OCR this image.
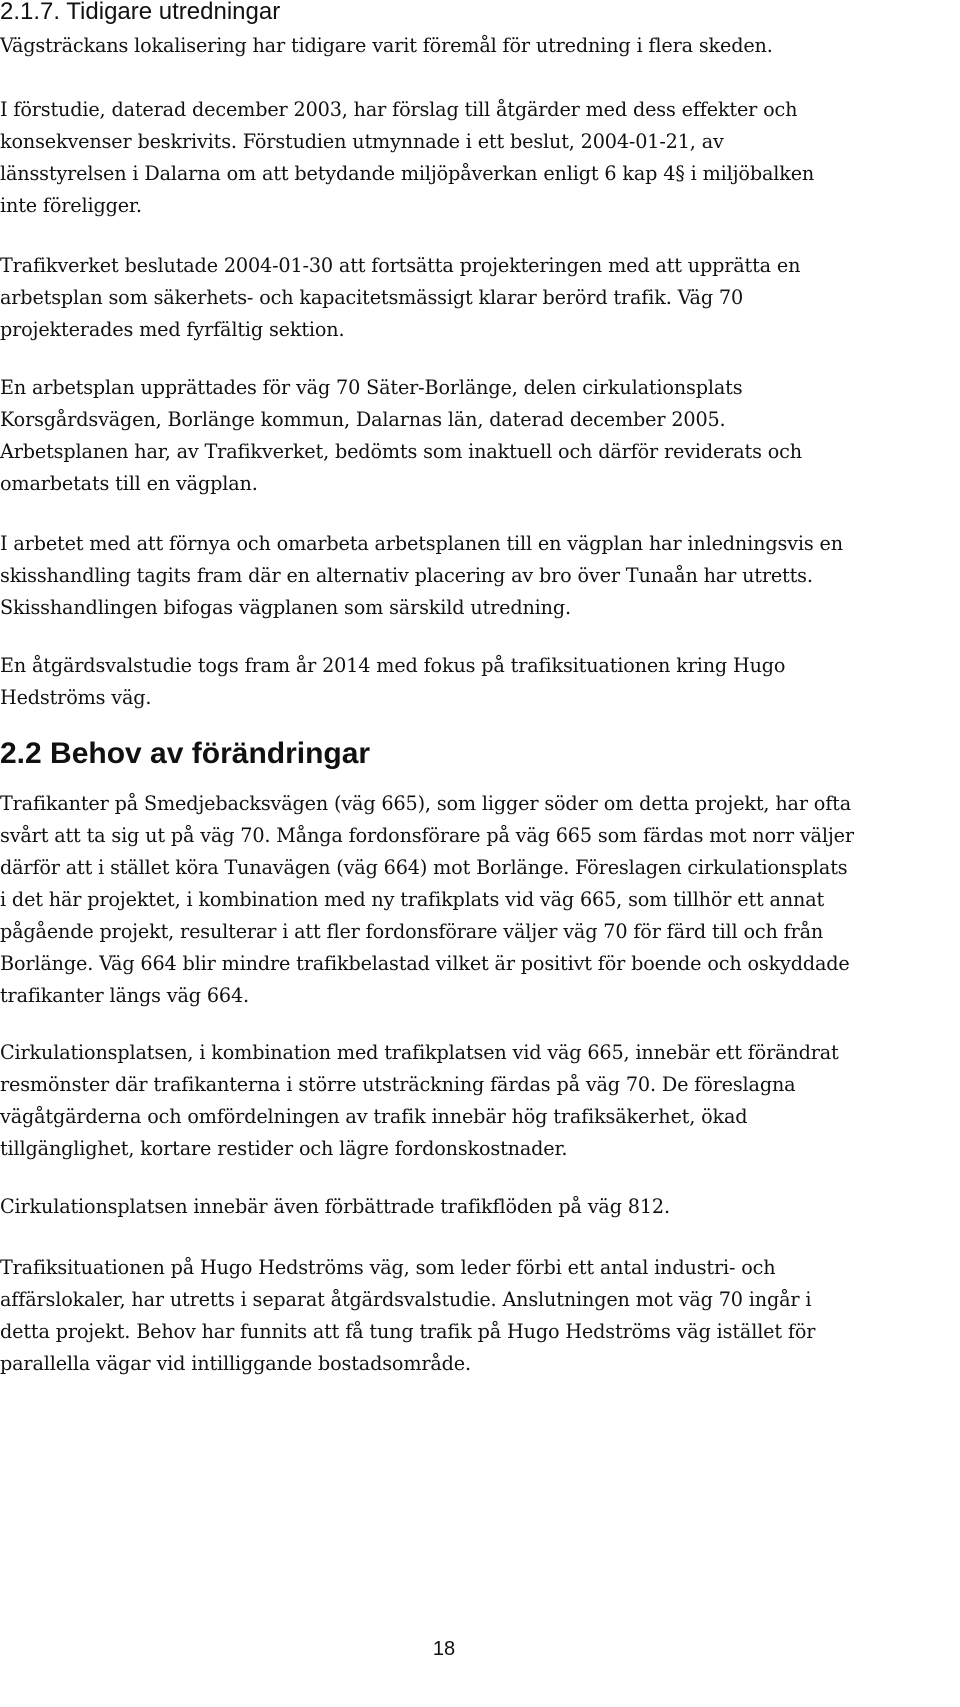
2.1.7. Tidigare utredningar

Vägsträckans lokalisering har tidigare varit föremål för utredning i flera skeden.

I förstudie, daterad december 2003, har förslag till åtgärder med dess effekter och
konsekvenser beskrivits. Förstudien utmynnade i ett beslut, 2004-01-21, av
länsstyrelsen i Dalarna om att betydande miljöpåverkan enligt 6 kap 4§ i miljöbalken
inte föreligger.

Trafikverket beslutade 2004-01-30 att fortsätta projekteringen med att upprätta en
arbetsplan som säkerhets- och kapacitetsmässigt klarar berörd trafik. Väg 70
projekterades med fyrfältig sektion.

En arbetsplan upprättades för väg 70 Säter-Borlänge, delen cirkulationsplats
Korsgårdsvägen, Borlänge kommun, Dalarnas län, daterad december 2005.
Arbetsplanen har, av Trafikverket, bedömts som inaktuell och därför reviderats och
omarbetats till en vägplan.

I arbetet med att förnya och omarbeta arbetsplanen till en vägplan har inledningsvis en
skisshandling tagits fram där en alternativ placering av bro över Tunaån har utretts.
Skisshandlingen bifogas vägplanen som särskild utredning.

En åtgärdsvalstudie togs fram år 2014 med fokus på trafiksituationen kring Hugo
Hedströms väg.

2.2 Behov av förändringar

Trafikanter på Smedjebacksvägen (väg 665), som ligger söder om detta projekt, har ofta
svårt att ta sig ut på väg 70. Många fordonsförare på väg 665 som färdas mot norr väljer
därför att i stället köra Tunavägen (väg 664) mot Borlänge. Föreslagen cirkulationsplats
i det här projektet, i kombination med ny trafikplats vid väg 665, som tillhör ett annat
pågående projekt, resulterar i att fler fordonsförare väljer väg 70 för färd till och från
Borlänge. Väg 664 blir mindre trafikbelastad vilket är positivt för boende och oskyddade
trafikanter längs väg 664.

Cirkulationsplatsen, i kombination med trafikplatsen vid väg 665, innebär ett förändrat
resmönster där trafikanterna i större utsträckning färdas på väg 70. De föreslagna
vägåtgärderna och omfördelningen av trafik innebär hög trafiksäkerhet, ökad
tillgänglighet, kortare restider och lägre fordonskostnader.

Cirkulationsplatsen innebär även förbättrade trafikflöden på väg 812.

Trafiksituationen på Hugo Hedströms väg, som leder förbi ett antal industri- och
affärslokaler, har utretts i separat åtgärdsvalstudie. Anslutningen mot väg 70 ingår i
detta projekt. Behov har funnits att få tung trafik på Hugo Hedströms väg istället för
parallella vägar vid intilliggande bostadsområde.

18
